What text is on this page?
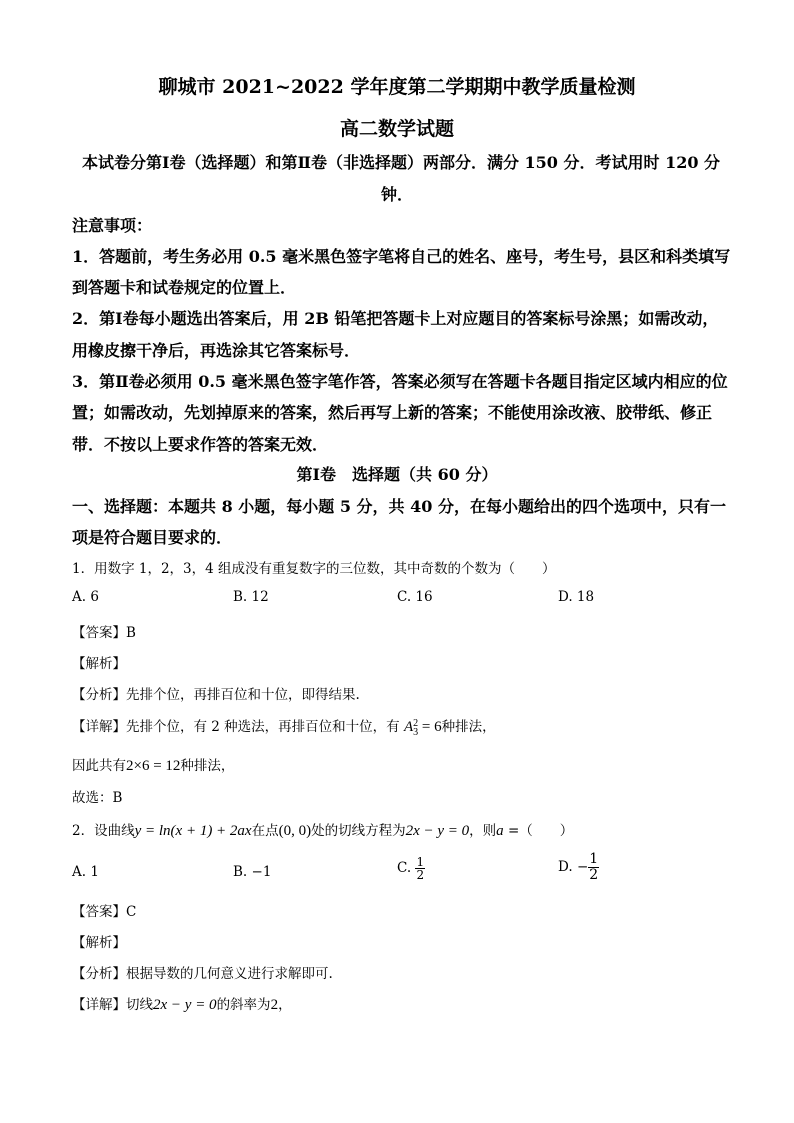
聊城市 2021~2022 学年度第二学期期中教学质量检测
高二数学试题
本试卷分第Ⅰ卷（选择题）和第Ⅱ卷（非选择题）两部分．满分 150 分．考试用时 120 分
钟．
注意事项：
1．答题前，考生务必用 0.5 毫米黑色签字笔将自己的姓名、座号，考生号，县区和科类填写
到答题卡和试卷规定的位置上．
2．第Ⅰ卷每小题选出答案后，用 2B 铅笔把答题卡上对应题目的答案标号涂黑；如需改动，
用橡皮擦干净后，再选涂其它答案标号．
3．第Ⅱ卷必须用 0.5 毫米黑色签字笔作答，答案必须写在答题卡各题目指定区域内相应的位
置；如需改动，先划掉原来的答案，然后再写上新的答案；不能使用涂改液、胶带纸、修正
带．不按以上要求作答的答案无效．
第Ⅰ卷　选择题（共 60 分）
一、选择题：本题共 8 小题，每小题 5 分，共 40 分，在每小题给出的四个选项中，只有一
项是符合题目要求的．
1．用数字 1，2，3，4 组成没有重复数字的三位数，其中奇数的个数为（　　）
A. 6	B. 12	C. 16	D. 18
【答案】B
【解析】
【分析】先排个位，再排百位和十位，即得结果.
【详解】先排个位，有 2 种选法，再排百位和十位，有 A 2
3 = 6种排法，
因此共有2×6 = 12种排法，
故选：B
2．设曲线y = ln(x + 1) + 2ax在点(0, 0)处的切线方程为2x − y = 0，则a =（　　）
A. 1	B. −1	C. $\frac{1}{2}$	D. − $\frac{1}{2}$
【答案】C
【解析】
【分析】根据导数的几何意义进行求解即可.
【详解】切线2x − y = 0的斜率为2，
